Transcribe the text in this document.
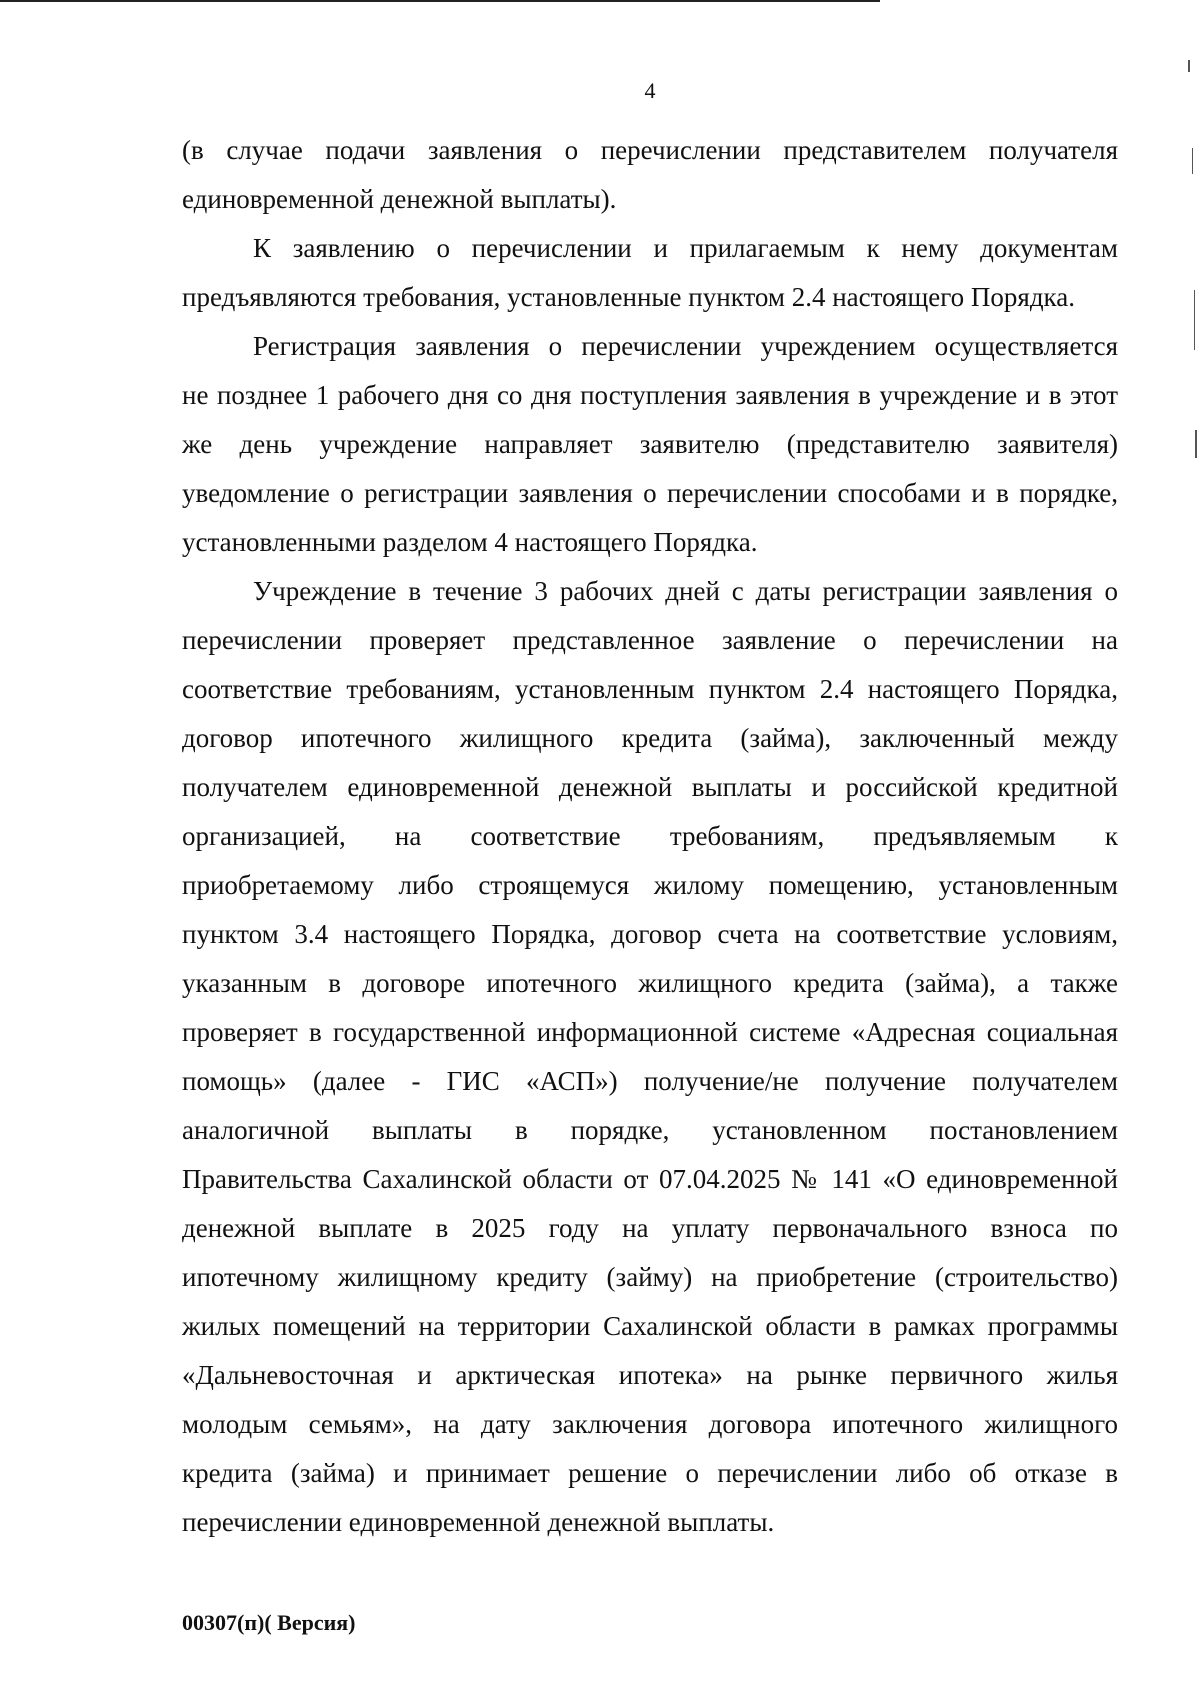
4
(в случае подачи заявления о перечислении представителем получателя
единовременной денежной выплаты).
К заявлению о перечислении и прилагаемым к нему документам
предъявляются требования, установленные пунктом 2.4 настоящего Порядка.
Регистрация заявления о перечислении учреждением осуществляется
не позднее 1 рабочего дня со дня поступления заявления в учреждение и в этот
же день учреждение направляет заявителю (представителю заявителя)
уведомление о регистрации заявления о перечислении способами и в порядке,
установленными разделом 4 настоящего Порядка.
Учреждение в течение 3 рабочих дней с даты регистрации заявления о
перечислении проверяет представленное заявление о перечислении на
соответствие требованиям, установленным пунктом 2.4 настоящего Порядка,
договор ипотечного жилищного кредита (займа), заключенный между
получателем единовременной денежной выплаты и российской кредитной
организацией, на соответствие требованиям, предъявляемым к
приобретаемому либо строящемуся жилому помещению, установленным
пунктом 3.4 настоящего Порядка, договор счета на соответствие условиям,
указанным в договоре ипотечного жилищного кредита (займа), а также
проверяет в государственной информационной системе «Адресная социальная
помощь» (далее - ГИС «АСП») получение/не получение получателем
аналогичной выплаты в порядке, установленном постановлением
Правительства Сахалинской области от 07.04.2025 № 141 «О единовременной
денежной выплате в 2025 году на уплату первоначального взноса по
ипотечному жилищному кредиту (займу) на приобретение (строительство)
жилых помещений на территории Сахалинской области в рамках программы
«Дальневосточная и арктическая ипотека» на рынке первичного жилья
молодым семьям», на дату заключения договора ипотечного жилищного
кредита (займа) и принимает решение о перечислении либо об отказе в
перечислении единовременной денежной выплаты.
00307(п)( Версия)
